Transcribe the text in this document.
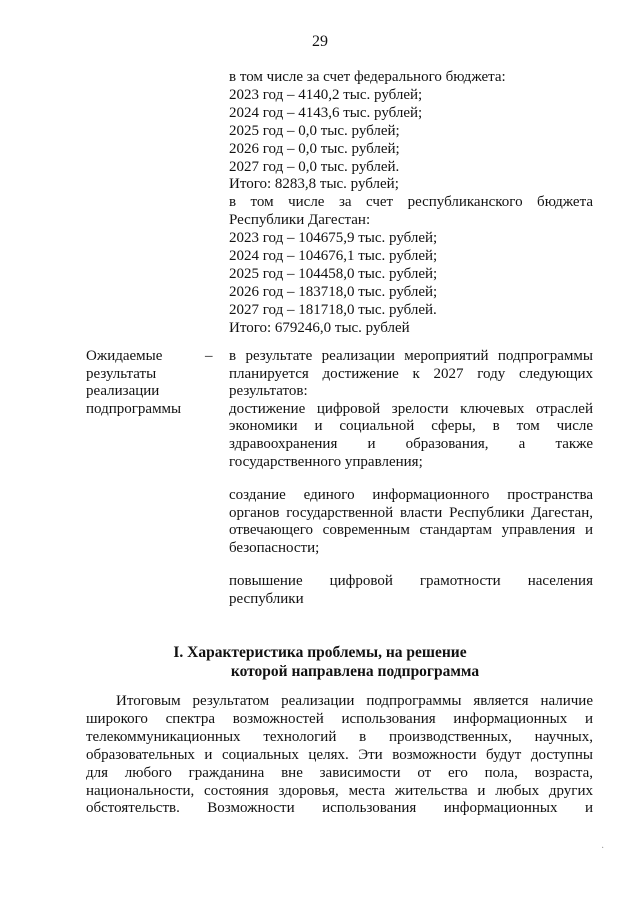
29
в том числе за счет федерального бюджета:
2023 год – 4140,2 тыс. рублей;
2024 год – 4143,6 тыс. рублей;
2025 год – 0,0 тыс. рублей;
2026 год – 0,0 тыс. рублей;
2027 год – 0,0 тыс. рублей.
Итого: 8283,8 тыс. рублей;
в том числе за счет республиканского бюджета
Республики Дагестан:
2023 год – 104675,9 тыс. рублей;
2024 год – 104676,1 тыс. рублей;
2025 год – 104458,0 тыс. рублей;
2026 год – 183718,0 тыс. рублей;
2027 год – 181718,0 тыс. рублей.
Итого: 679246,0 тыс. рублей
Ожидаемые
результаты
реализации
подпрограммы
– в результате реализации мероприятий подпрограммы
планируется достижение к 2027 году следующих
результатов:
достижение цифровой зрелости ключевых отраслей
экономики и социальной сферы, в том числе
здравоохранения и образования, а также
государственного управления;
создание единого информационного пространства
органов государственной власти Республики Дагестан,
отвечающего современным стандартам управления и
безопасности;
повышение цифровой грамотности населения
республики
I. Характеристика проблемы, на решение
которой направлена подпрограмма
Итоговым результатом реализации подпрограммы является наличие
широкого спектра возможностей использования информационных и
телекоммуникационных технологий в производственных, научных,
образовательных и социальных целях. Эти возможности будут доступны
для любого гражданина вне зависимости от его пола, возраста,
национальности, состояния здоровья, места жительства и любых других
обстоятельств. Возможности использования информационных и
·
